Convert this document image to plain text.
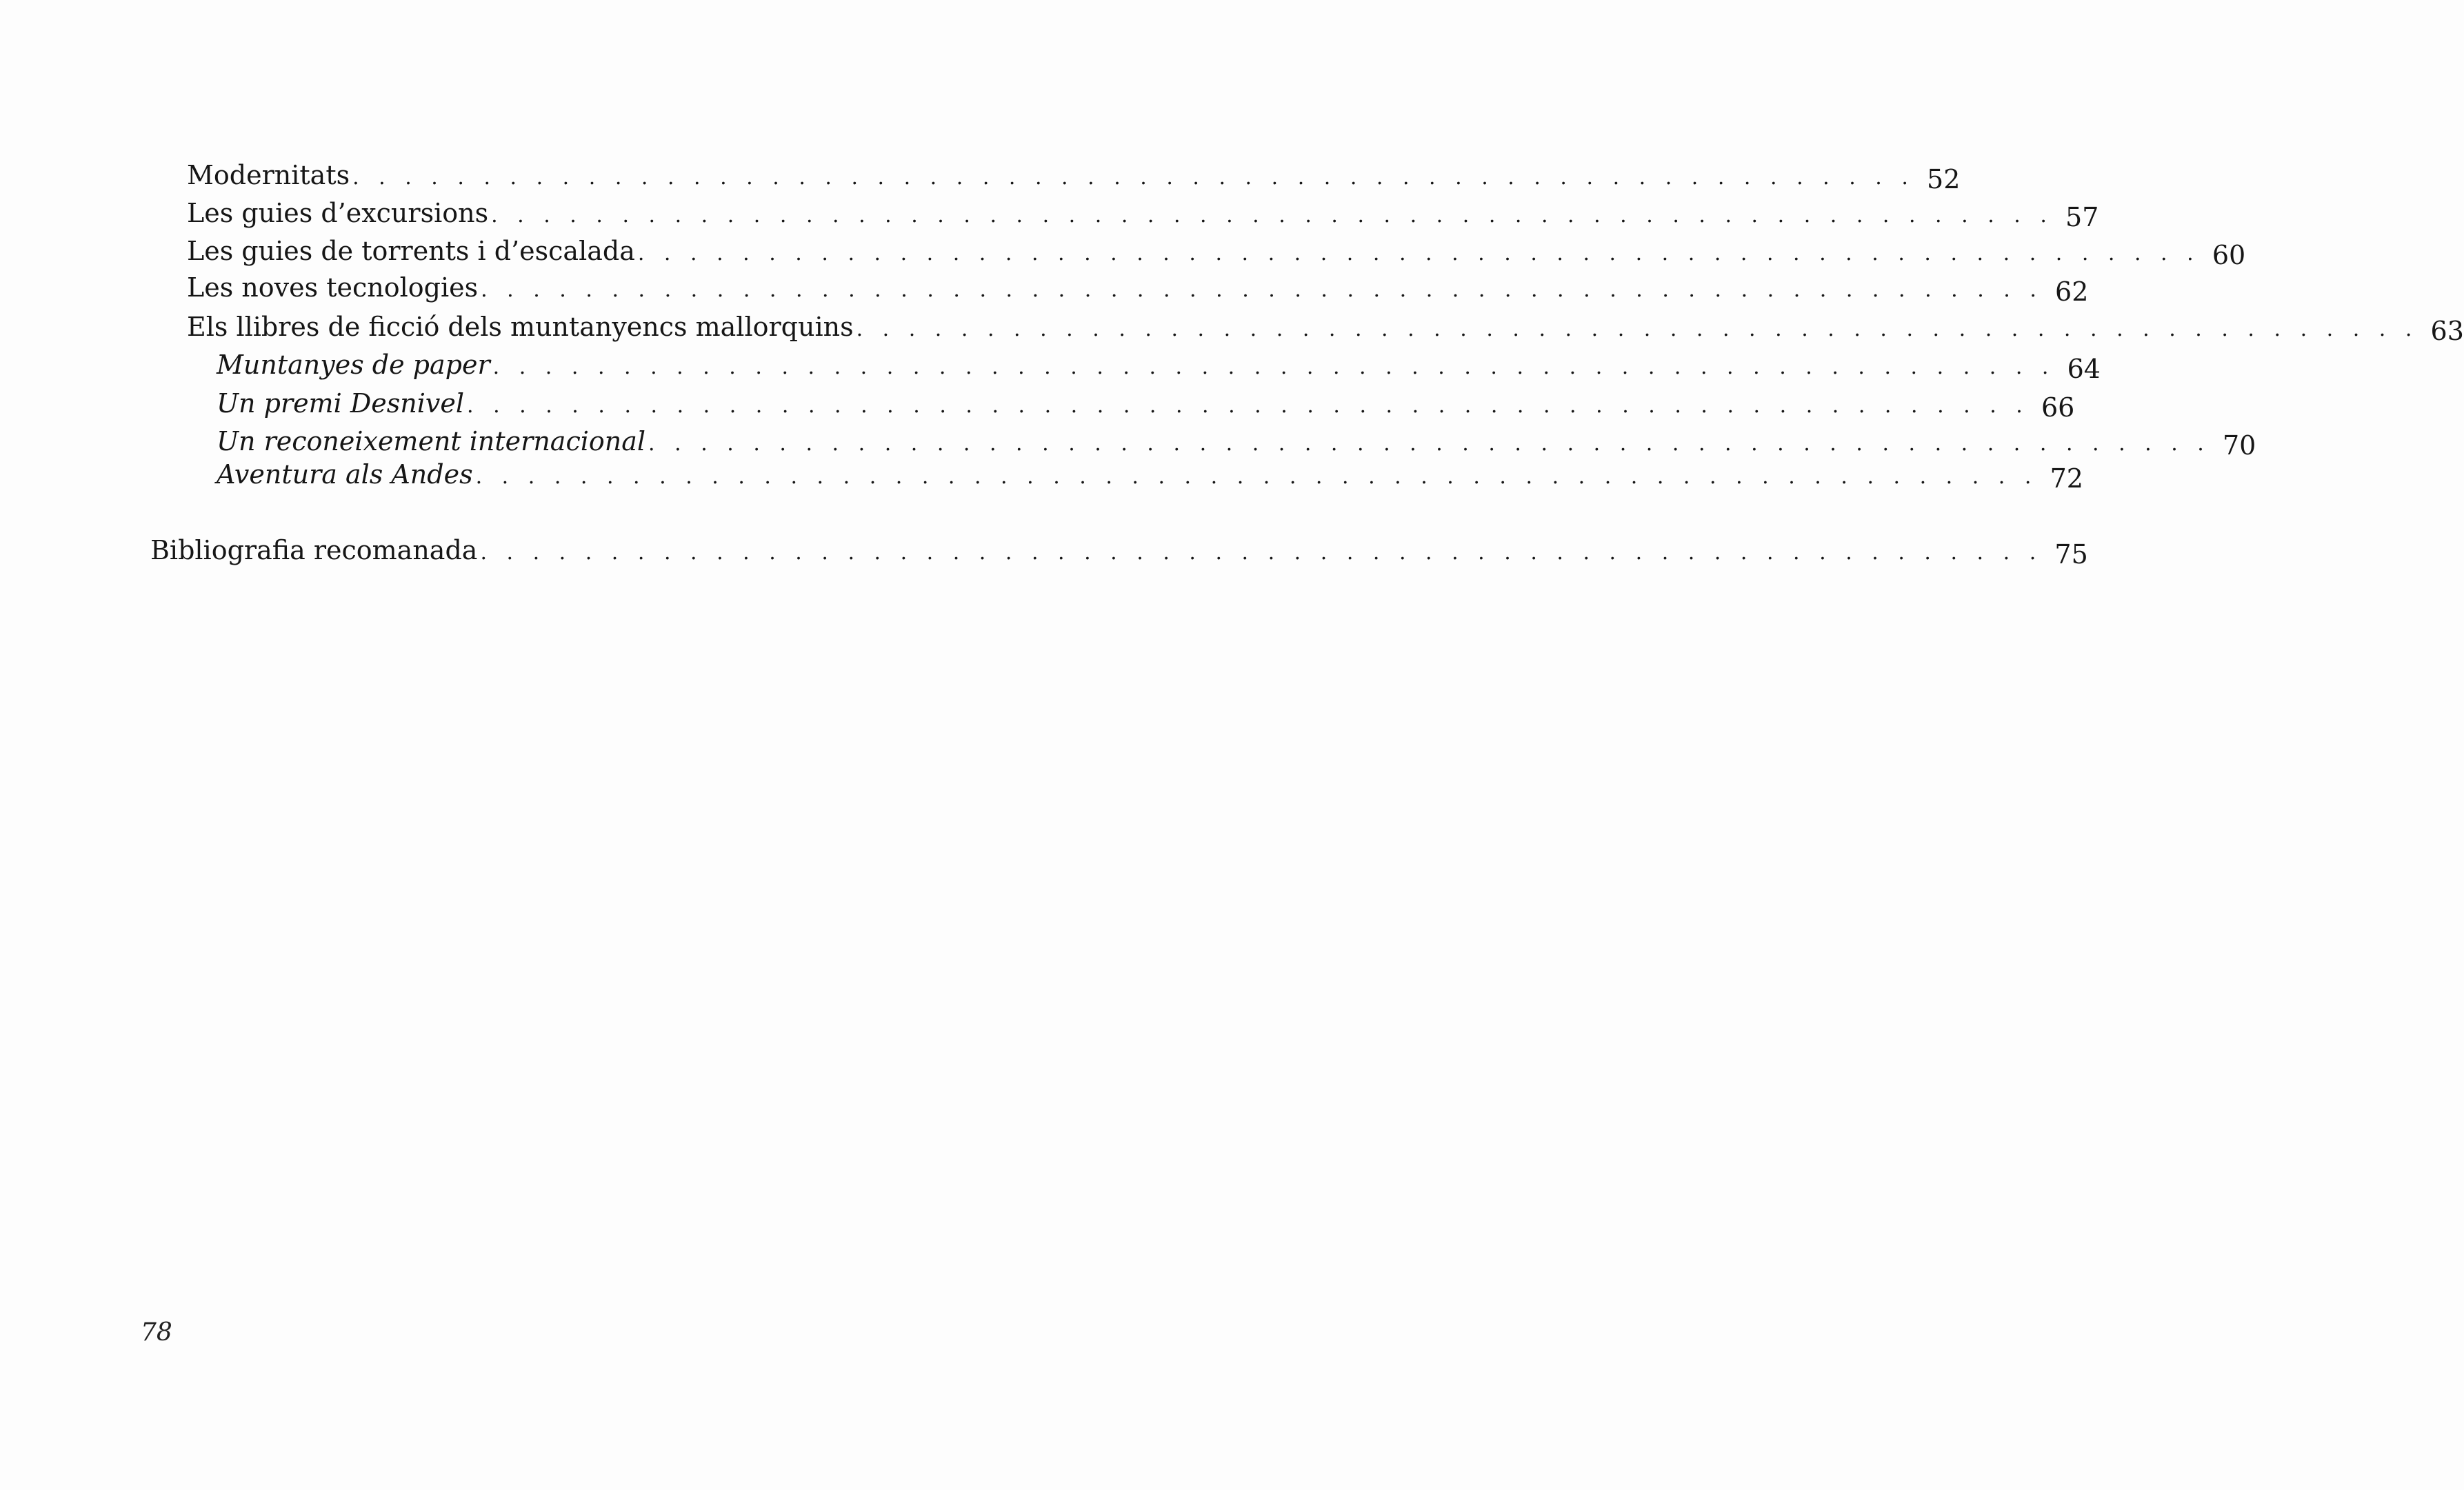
Modernitats . . . . . . . . . . . . . . . . . . . . . . . . . . . . . . . . . . . . . . . . . . . . . . . . . . . . . . . . . . . . 52
Les guies d’excursions . . . . . . . . . . . . . . . . . . . . . . . . . . . . . . . . . . . . . . . . . . . . . . . . . . . . . . . . . . . . 57
Les guies de torrents i d’escalada . . . . . . . . . . . . . . . . . . . . . . . . . . . . . . . . . . . . . . . . . . . . . . . . . . . . . . . . . . . . 60
Les noves tecnologies . . . . . . . . . . . . . . . . . . . . . . . . . . . . . . . . . . . . . . . . . . . . . . . . . . . . . . . . . . . . 62
Els llibres de ficció dels muntanyencs mallorquins . . . . . . . . . . . . . . . . . . . . . . . . . . . . . . . . . . . . . . . . . . . . . . . . . . . . . . . . . . . . 63
Muntanyes de paper . . . . . . . . . . . . . . . . . . . . . . . . . . . . . . . . . . . . . . . . . . . . . . . . . . . . . . . . . . . . 64
Un premi Desnivel . . . . . . . . . . . . . . . . . . . . . . . . . . . . . . . . . . . . . . . . . . . . . . . . . . . . . . . . . . . . 66
Un reconeixement internacional . . . . . . . . . . . . . . . . . . . . . . . . . . . . . . . . . . . . . . . . . . . . . . . . . . . . . . . . . . . . 70
Aventura als Andes . . . . . . . . . . . . . . . . . . . . . . . . . . . . . . . . . . . . . . . . . . . . . . . . . . . . . . . . . . . . 72
Bibliografia recomanada . . . . . . . . . . . . . . . . . . . . . . . . . . . . . . . . . . . . . . . . . . . . . . . . . . . . . . . . . . . . 75
78
